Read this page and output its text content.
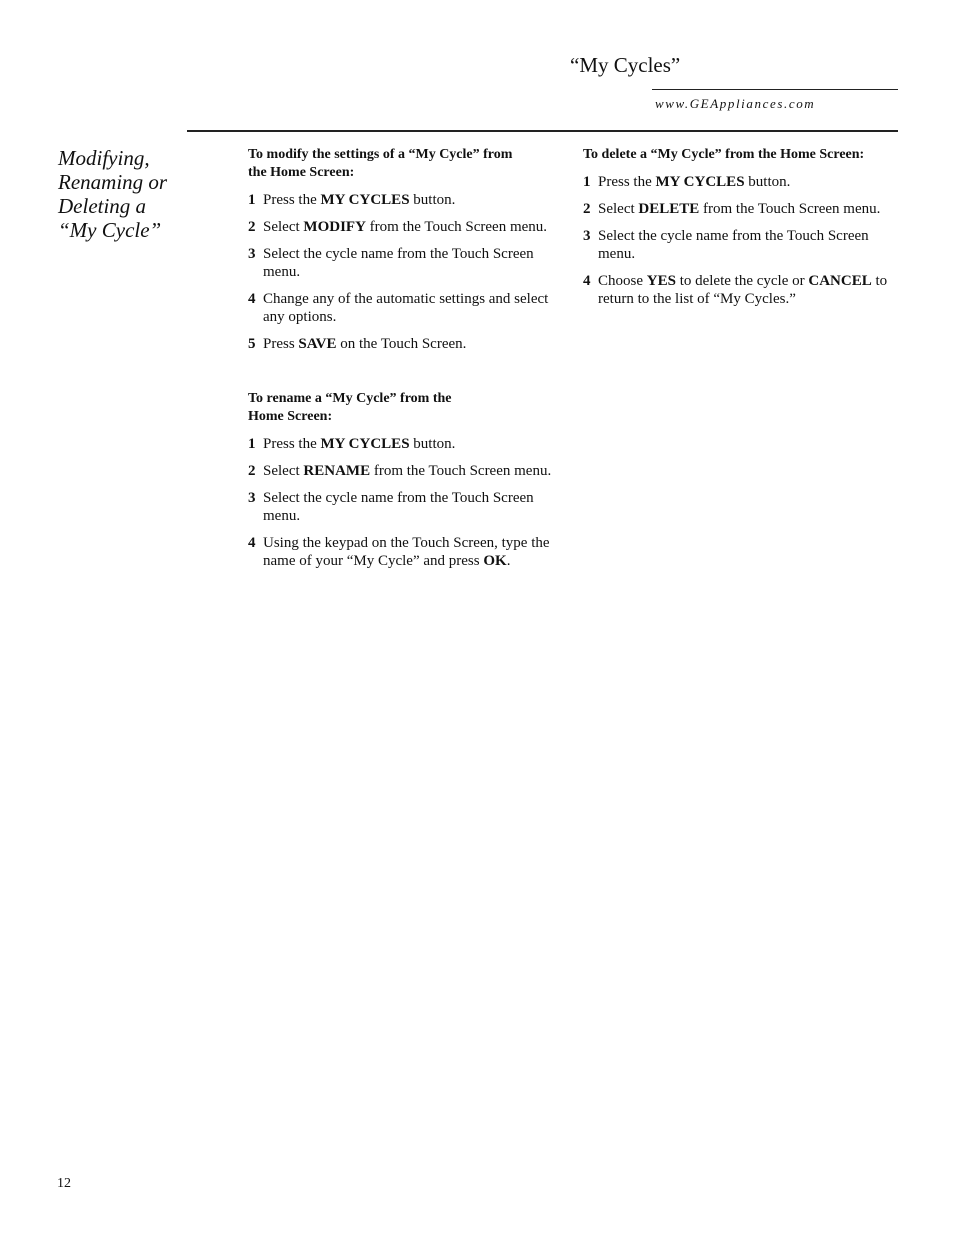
“My Cycles”
www.GEAppliances.com
Modifying,
Renaming or
Deleting a
“My Cycle”
To modify the settings of a “My Cycle” from
the Home Screen:
1 Press the MY CYCLES button.
2 Select MODIFY from the Touch Screen menu.
3 Select the cycle name from the Touch Screen menu.
4 Change any of the automatic settings and select any options.
5 Press SAVE on the Touch Screen.
To rename a “My Cycle” from the
Home Screen:
1 Press the MY CYCLES button.
2 Select RENAME from the Touch Screen menu.
3 Select the cycle name from the Touch Screen menu.
4 Using the keypad on the Touch Screen, type the name of your “My Cycle” and press OK.
To delete a “My Cycle” from the Home Screen:
1 Press the MY CYCLES button.
2 Select DELETE from the Touch Screen menu.
3 Select the cycle name from the Touch Screen menu.
4 Choose YES to delete the cycle or CANCEL to return to the list of “My Cycles.”
12
